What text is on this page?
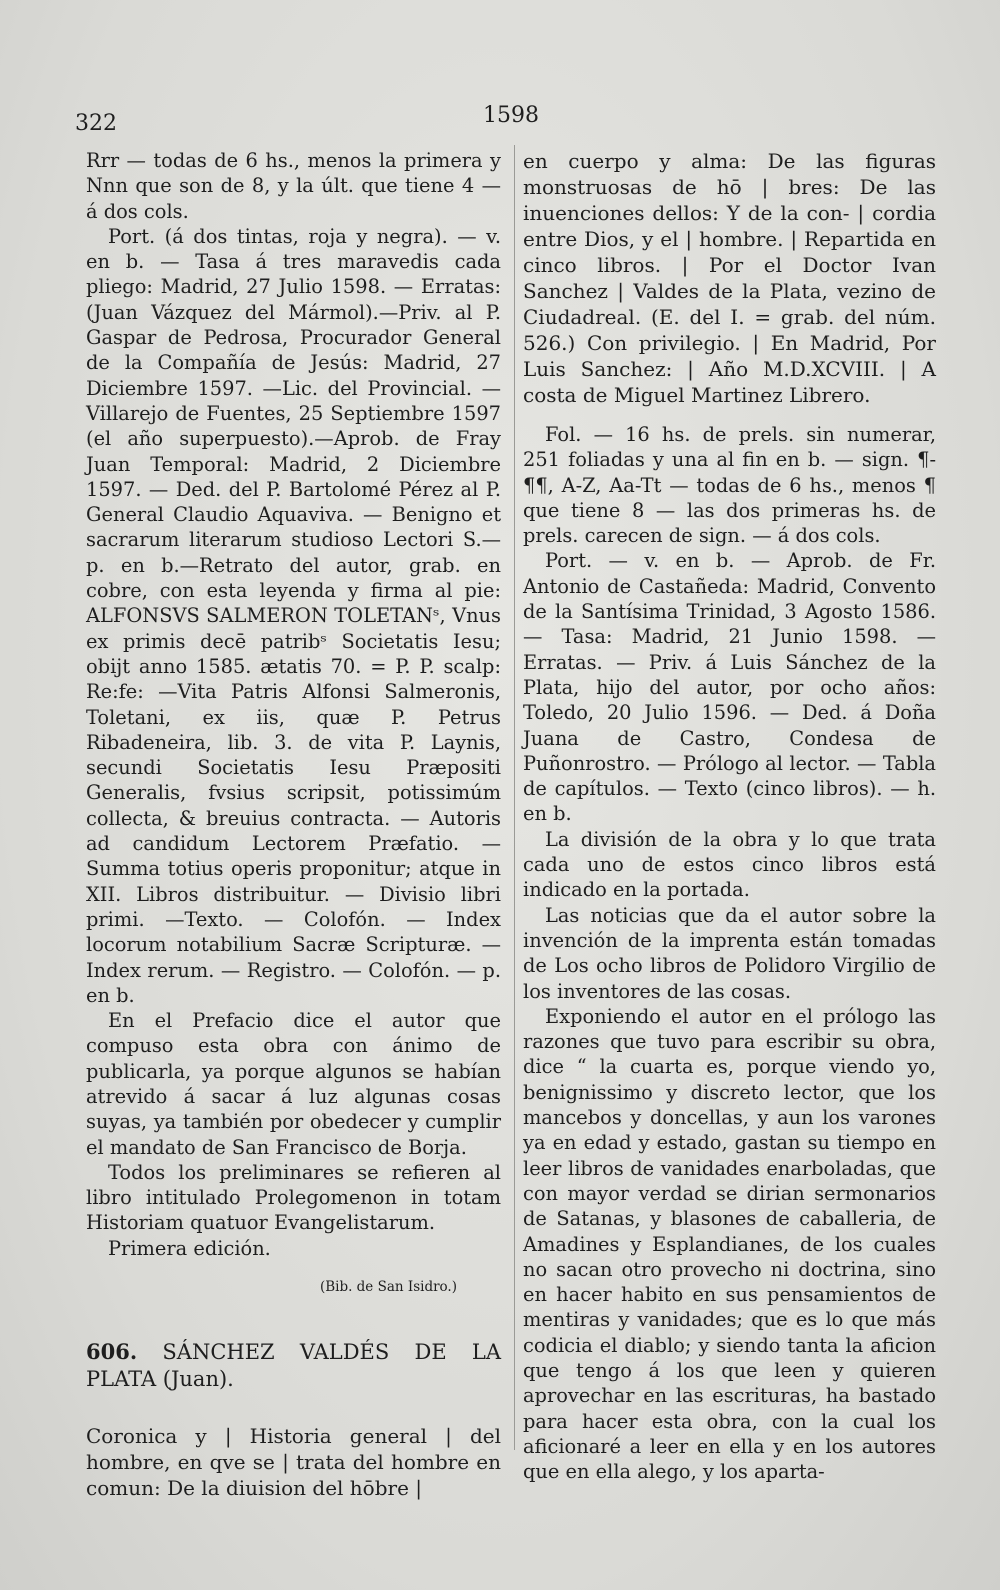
322	1598

Rrr — todas de 6 hs., menos la primera y Nnn que son de 8, y la últ. que tiene 4 — á dos cols.

Port. (á dos tintas, roja y negra). — v. en b. — Tasa á tres maravedis cada pliego: Madrid, 27 Julio 1598. — Erratas: (Juan Vázquez del Mármol).—Priv. al P. Gaspar de Pedrosa, Procurador General de la Compañía de Jesús: Madrid, 27 Diciembre 1597. —Lic. del Provincial. —Villarejo de Fuentes, 25 Septiembre 1597 (el año superpuesto).—Aprob. de Fray Juan Temporal: Madrid, 2 Diciembre 1597. — Ded. del P. Bartolomé Pérez al P. General Claudio Aquaviva. — Benigno et sacrarum literarum studioso Lectori S.—p. en b.—Retrato del autor, grab. en cobre, con esta leyenda y firma al pie: ALFONSVS SALMERON TOLETANˢ, Vnus ex primis decē patribˢ Societatis Iesu; obijt anno 1585. ætatis 70. = P. P. scalp: Re:fe: —Vita Patris Alfonsi Salmeronis, Toletani, ex iis, quæ P. Petrus Ribadeneira, lib. 3. de vita P. Laynis, secundi Societatis Iesu Præpositi Generalis, fvsius scripsit, potissimúm collecta, & breuius contracta. — Autoris ad candidum Lectorem Præfatio. — Summa totius operis proponitur; atque in XII. Libros distribuitur. — Divisio libri primi. —Texto. — Colofón. — Index locorum notabilium Sacræ Scripturæ. — Index rerum. — Registro. — Colofón. — p. en b.

En el Prefacio dice el autor que compuso esta obra con ánimo de publicarla, ya porque algunos se habían atrevido á sacar á luz algunas cosas suyas, ya también por obedecer y cumplir el mandato de San Francisco de Borja.

Todos los preliminares se refieren al libro intitulado Prolegomenon in totam Historiam quatuor Evangelistarum.

Primera edición.

(Bib. de San Isidro.)

606. SÁNCHEZ VALDÉS DE LA PLATA (Juan).

Coronica y | Historia general | del hombre, en qve se | trata del hombre en comun: De la diuision del hōbre |

en cuerpo y alma: De las figuras monstruosas de hō | bres: De las inuenciones dellos: Y de la con- | cordia entre Dios, y el | hombre. | Repartida en cinco libros. | Por el Doctor Ivan Sanchez | Valdes de la Plata, vezino de Ciudadreal. (E. del I. = grab. del núm. 526.) Con privilegio. | En Madrid, Por Luis Sanchez: | Año M.D.XCVIII. | A costa de Miguel Martinez Librero.

Fol. — 16 hs. de prels. sin numerar, 251 foliadas y una al fin en b. — sign. ¶- ¶¶, A-Z, Aa-Tt — todas de 6 hs., menos ¶ que tiene 8 — las dos primeras hs. de prels. carecen de sign. — á dos cols.

Port. — v. en b. — Aprob. de Fr. Antonio de Castañeda: Madrid, Convento de la Santísima Trinidad, 3 Agosto 1586. — Tasa: Madrid, 21 Junio 1598. — Erratas. — Priv. á Luis Sánchez de la Plata, hijo del autor, por ocho años: Toledo, 20 Julio 1596. — Ded. á Doña Juana de Castro, Condesa de Puñonrostro. — Prólogo al lector. — Tabla de capítulos. — Texto (cinco libros). — h. en b.

La división de la obra y lo que trata cada uno de estos cinco libros está indicado en la portada.

Las noticias que da el autor sobre la invención de la imprenta están tomadas de Los ocho libros de Polidoro Virgilio de los inventores de las cosas.

Exponiendo el autor en el prólogo las razones que tuvo para escribir su obra, dice “ la cuarta es, porque viendo yo, benignissimo y discreto lector, que los mancebos y doncellas, y aun los varones ya en edad y estado, gastan su tiempo en leer libros de vanidades enarboladas, que con mayor verdad se dirian sermonarios de Satanas, y blasones de caballeria, de Amadines y Esplandianes, de los cuales no sacan otro provecho ni doctrina, sino en hacer habito en sus pensamientos de mentiras y vanidades; que es lo que más codicia el diablo; y siendo tanta la aficion que tengo á los que leen y quieren aprovechar en las escrituras, ha bastado para hacer esta obra, con la cual los aficionaré a leer en ella y en los autores que en ella alego, y los aparta-
